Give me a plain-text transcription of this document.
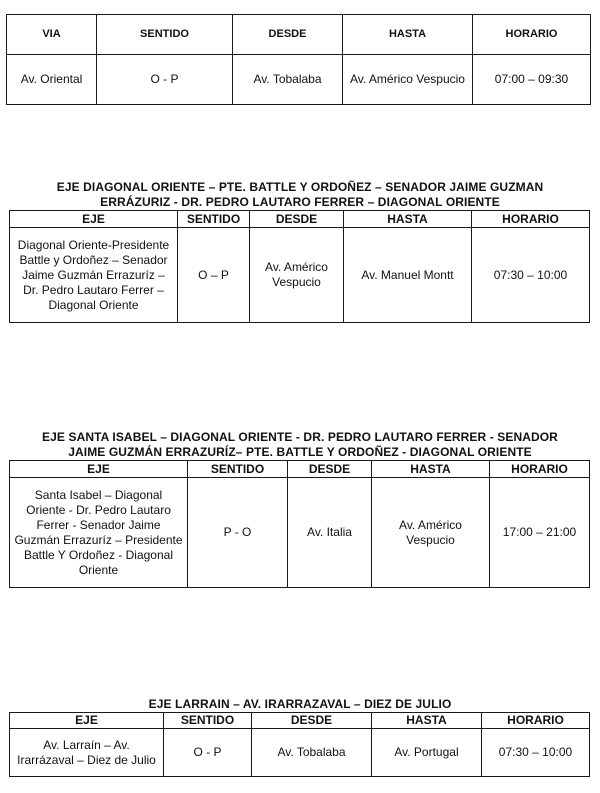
VIA	SENTIDO	DESDE	HASTA	HORARIO
Av. Oriental	O - P	Av. Tobalaba	Av. Américo Vespucio	07:00 – 09:30
EJE DIAGONAL ORIENTE – PTE. BATTLE Y ORDOÑEZ – SENADOR JAIME GUZMAN
ERRÁZURIZ - DR. PEDRO LAUTARO FERRER – DIAGONAL ORIENTE
EJE	SENTIDO	DESDE	HASTA	HORARIO
Diagonal Oriente-Presidente Battle y Ordoñez – Senador Jaime Guzmán Errazuríz – Dr. Pedro Lautaro Ferrer – Diagonal Oriente	O – P	Av. Américo Vespucio	Av. Manuel Montt	07:30 – 10:00
EJE SANTA ISABEL – DIAGONAL ORIENTE - DR. PEDRO LAUTARO FERRER - SENADOR
JAIME GUZMÁN ERRAZURÍZ– PTE. BATTLE Y ORDOÑEZ - DIAGONAL ORIENTE
EJE	SENTIDO	DESDE	HASTA	HORARIO
Santa Isabel – Diagonal Oriente - Dr. Pedro Lautaro Ferrer - Senador Jaime Guzmán Errazuríz – Presidente Battle Y Ordoñez - Diagonal Oriente	P - O	Av. Italia	Av. Américo Vespucio	17:00 – 21:00
EJE LARRAIN – AV. IRARRAZAVAL – DIEZ DE JULIO
EJE	SENTIDO	DESDE	HASTA	HORARIO
Av. Larraín – Av. Irarrázaval – Diez de Julio	O - P	Av. Tobalaba	Av. Portugal	07:30 – 10:00
